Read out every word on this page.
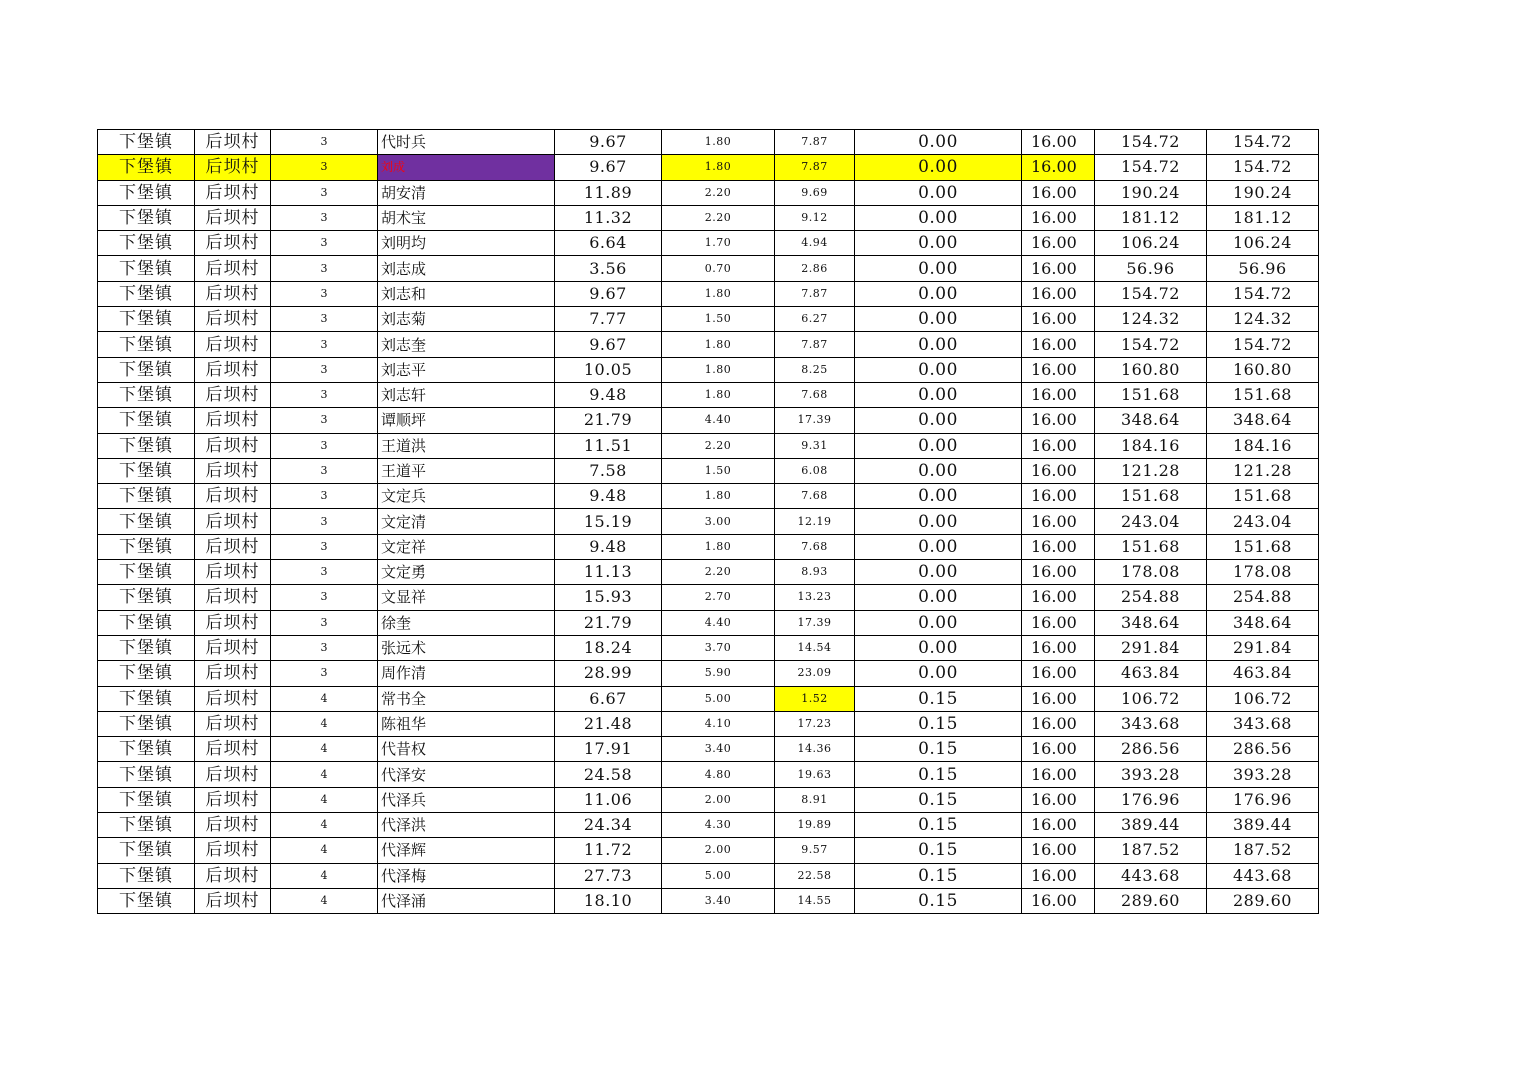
下堡镇	后坝村	3	代时兵	9.67	1.80	7.87	0.00	16.00	154.72	154.72
下堡镇	后坝村	3	刘成	9.67	1.80	7.87	0.00	16.00	154.72	154.72
下堡镇	后坝村	3	胡安清	11.89	2.20	9.69	0.00	16.00	190.24	190.24
下堡镇	后坝村	3	胡术宝	11.32	2.20	9.12	0.00	16.00	181.12	181.12
下堡镇	后坝村	3	刘明均	6.64	1.70	4.94	0.00	16.00	106.24	106.24
下堡镇	后坝村	3	刘志成	3.56	0.70	2.86	0.00	16.00	56.96	56.96
下堡镇	后坝村	3	刘志和	9.67	1.80	7.87	0.00	16.00	154.72	154.72
下堡镇	后坝村	3	刘志菊	7.77	1.50	6.27	0.00	16.00	124.32	124.32
下堡镇	后坝村	3	刘志奎	9.67	1.80	7.87	0.00	16.00	154.72	154.72
下堡镇	后坝村	3	刘志平	10.05	1.80	8.25	0.00	16.00	160.80	160.80
下堡镇	后坝村	3	刘志轩	9.48	1.80	7.68	0.00	16.00	151.68	151.68
下堡镇	后坝村	3	谭顺坪	21.79	4.40	17.39	0.00	16.00	348.64	348.64
下堡镇	后坝村	3	王道洪	11.51	2.20	9.31	0.00	16.00	184.16	184.16
下堡镇	后坝村	3	王道平	7.58	1.50	6.08	0.00	16.00	121.28	121.28
下堡镇	后坝村	3	文定兵	9.48	1.80	7.68	0.00	16.00	151.68	151.68
下堡镇	后坝村	3	文定清	15.19	3.00	12.19	0.00	16.00	243.04	243.04
下堡镇	后坝村	3	文定祥	9.48	1.80	7.68	0.00	16.00	151.68	151.68
下堡镇	后坝村	3	文定勇	11.13	2.20	8.93	0.00	16.00	178.08	178.08
下堡镇	后坝村	3	文显祥	15.93	2.70	13.23	0.00	16.00	254.88	254.88
下堡镇	后坝村	3	徐奎	21.79	4.40	17.39	0.00	16.00	348.64	348.64
下堡镇	后坝村	3	张远术	18.24	3.70	14.54	0.00	16.00	291.84	291.84
下堡镇	后坝村	3	周作清	28.99	5.90	23.09	0.00	16.00	463.84	463.84
下堡镇	后坝村	4	常书全	6.67	5.00	1.52	0.15	16.00	106.72	106.72
下堡镇	后坝村	4	陈祖华	21.48	4.10	17.23	0.15	16.00	343.68	343.68
下堡镇	后坝村	4	代昔权	17.91	3.40	14.36	0.15	16.00	286.56	286.56
下堡镇	后坝村	4	代泽安	24.58	4.80	19.63	0.15	16.00	393.28	393.28
下堡镇	后坝村	4	代泽兵	11.06	2.00	8.91	0.15	16.00	176.96	176.96
下堡镇	后坝村	4	代泽洪	24.34	4.30	19.89	0.15	16.00	389.44	389.44
下堡镇	后坝村	4	代泽辉	11.72	2.00	9.57	0.15	16.00	187.52	187.52
下堡镇	后坝村	4	代泽梅	27.73	5.00	22.58	0.15	16.00	443.68	443.68
下堡镇	后坝村	4	代泽涌	18.10	3.40	14.55	0.15	16.00	289.60	289.60
